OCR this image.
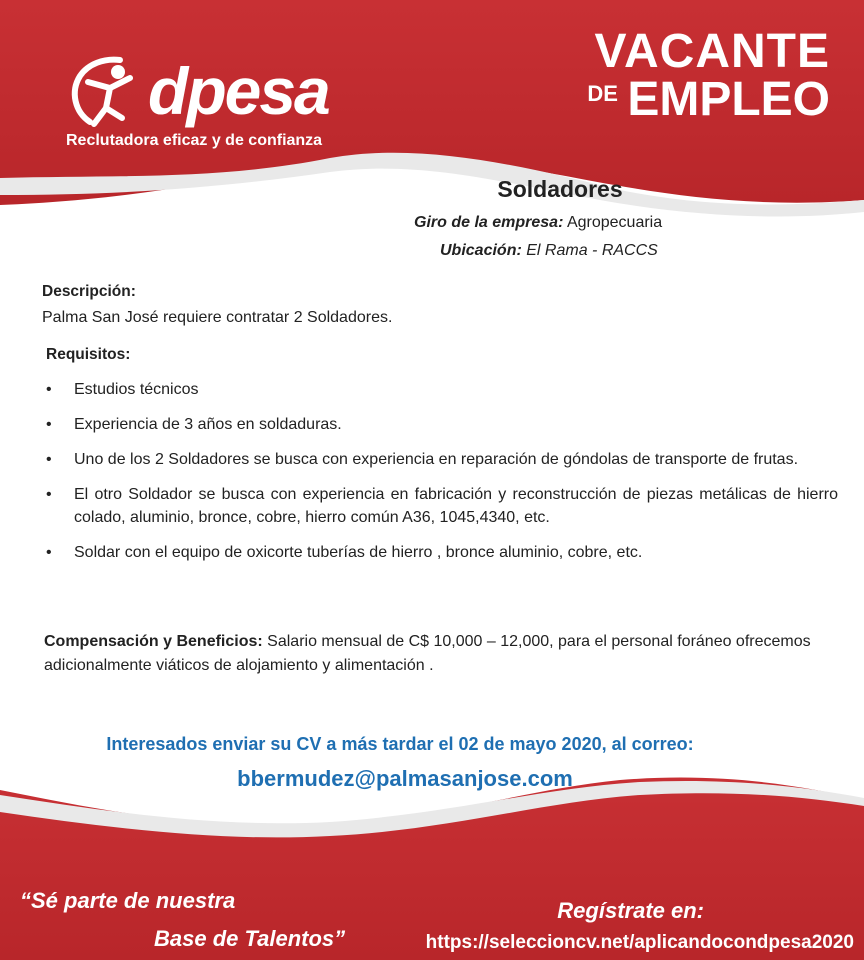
dpesa
Reclutadora eficaz y de confianza
VACANTE
DE EMPLEO
Soldadores
Giro de la empresa: Agropecuaria
Ubicación: El Rama - RACCS
Descripción:
Palma San José requiere contratar 2 Soldadores.
Requisitos:
• Estudios técnicos
• Experiencia de 3 años en soldaduras.
• Uno de los 2 Soldadores se busca con experiencia en reparación de góndolas de transporte de frutas.
• El otro Soldador se busca con experiencia en fabricación y reconstrucción de piezas metálicas de hierro colado, aluminio, bronce, cobre, hierro común A36, 1045,4340, etc.
• Soldar con el equipo de oxicorte tuberías de hierro , bronce aluminio, cobre, etc.
Compensación y Beneficios: Salario mensual de C$ 10,000 – 12,000, para el personal foráneo ofrecemos adicionalmente viáticos de alojamiento y alimentación .
Interesados enviar su CV a más tardar el 02 de mayo 2020, al correo:
bbermudez@palmasanjose.com
“Sé parte de nuestra
Base de Talentos”
Regístrate en:
https://seleccioncv.net/aplicandocondpesa2020
